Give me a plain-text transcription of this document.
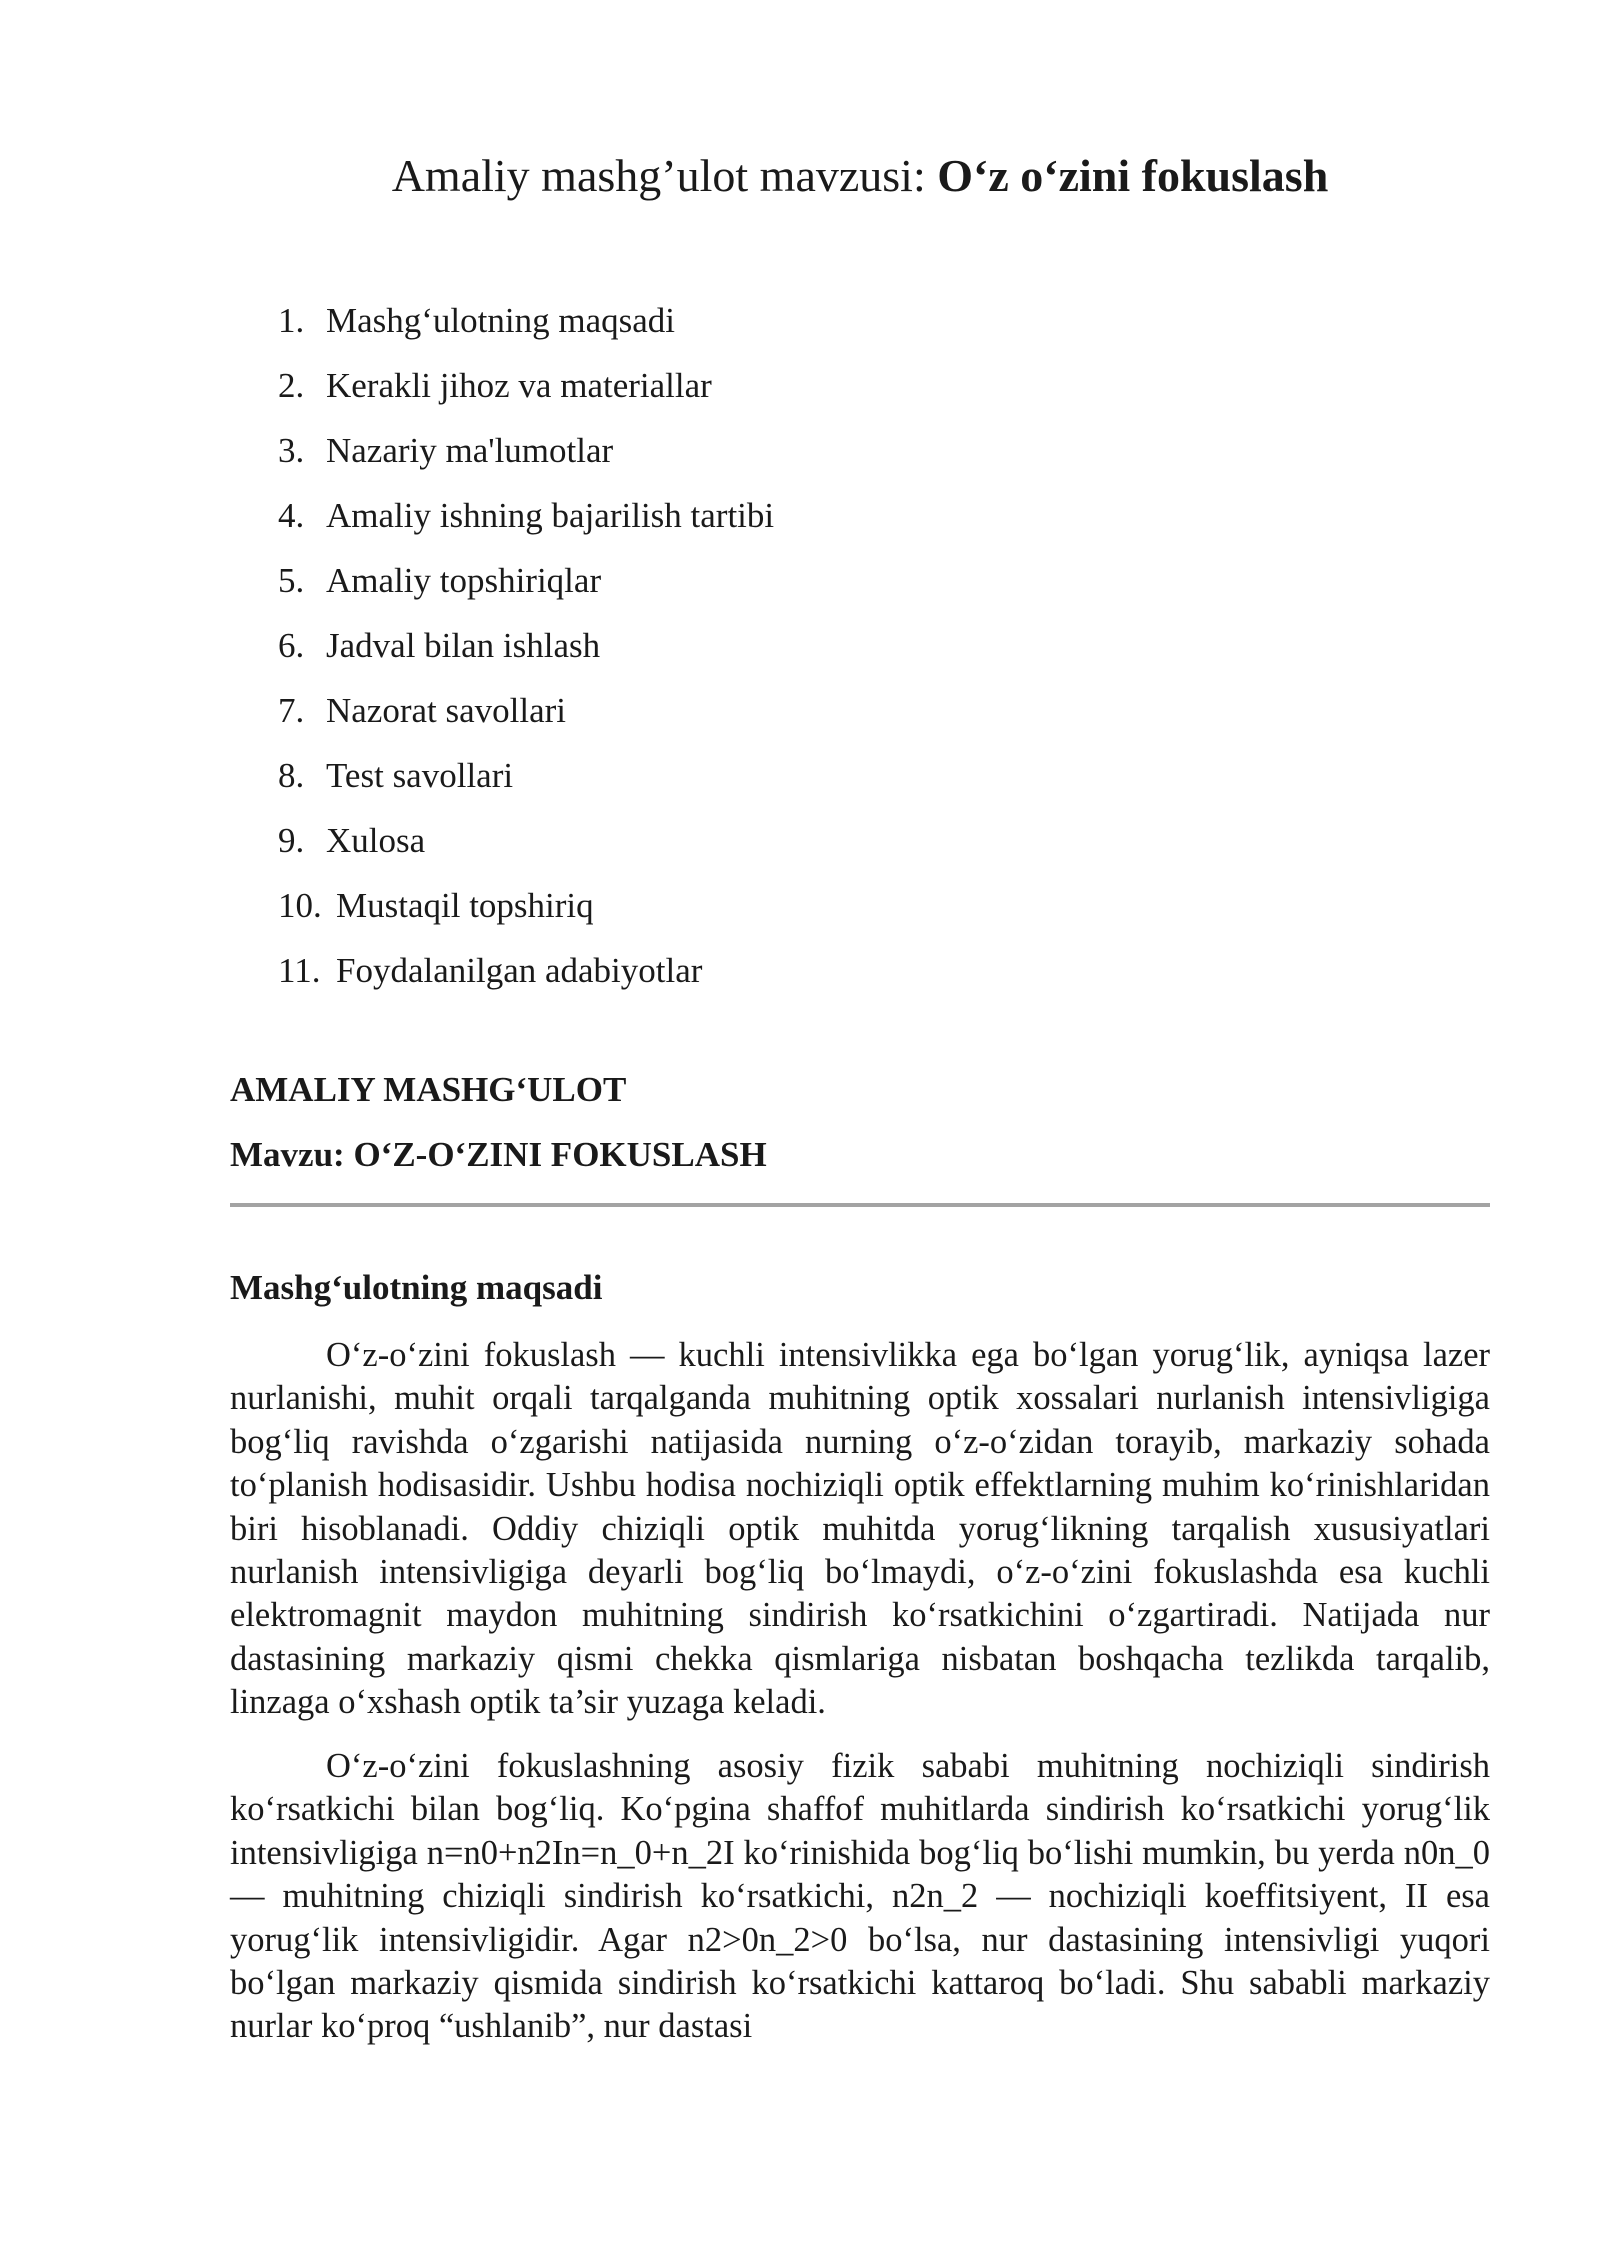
Amaliy mashg’ulot mavzusi: O‘z o‘zini fokuslash
1. Mashg‘ulotning maqsadi
2. Kerakli jihoz va materiallar
3. Nazariy ma'lumotlar
4. Amaliy ishning bajarilish tartibi
5. Amaliy topshiriqlar
6. Jadval bilan ishlash
7. Nazorat savollari
8. Test savollari
9. Xulosa
10. Mustaqil topshiriq
11. Foydalanilgan adabiyotlar
AMALIY MASHG‘ULOT
Mavzu: O‘Z-O‘ZINI FOKUSLASH
Mashg‘ulotning maqsadi

O‘z-o‘zini fokuslash — kuchli intensivlikka ega bo‘lgan yorug‘lik, ayniqsa lazer nurlanishi, muhit orqali tarqalganda muhitning optik xossalari nurlanish intensivligiga bog‘liq ravishda o‘zgarishi natijasida nurning o‘z-o‘zidan torayib, markaziy sohada to‘planish hodisasidir. Ushbu hodisa nochiziqli optik effektlarning muhim ko‘rinishlaridan biri hisoblanadi. Oddiy chiziqli optik muhitda yorug‘likning tarqalish xususiyatlari nurlanish intensivligiga deyarli bog‘liq bo‘lmaydi, o‘z-o‘zini fokuslashda esa kuchli elektromagnit maydon muhitning sindirish ko‘rsatkichini o‘zgartiradi. Natijada nur dastasining markaziy qismi chekka qismlariga nisbatan boshqacha tezlikda tarqalib, linzaga o‘xshash optik ta’sir yuzaga keladi.

O‘z-o‘zini fokuslashning asosiy fizik sababi muhitning nochiziqli sindirish ko‘rsatkichi bilan bog‘liq. Ko‘pgina shaffof muhitlarda sindirish ko‘rsatkichi yorug‘lik intensivligiga n=n0+n2In=n_0+n_2I ko‘rinishida bog‘liq bo‘lishi mumkin, bu yerda n0n_0 — muhitning chiziqli sindirish ko‘rsatkichi, n2n_2 — nochiziqli koeffitsiyent, II esa yorug‘lik intensivligidir. Agar n2>0n_2>0 bo‘lsa, nur dastasining intensivligi yuqori bo‘lgan markaziy qismida sindirish ko‘rsatkichi kattaroq bo‘ladi. Shu sababli markaziy nurlar ko‘proq “ushlanib”, nur dastasi
